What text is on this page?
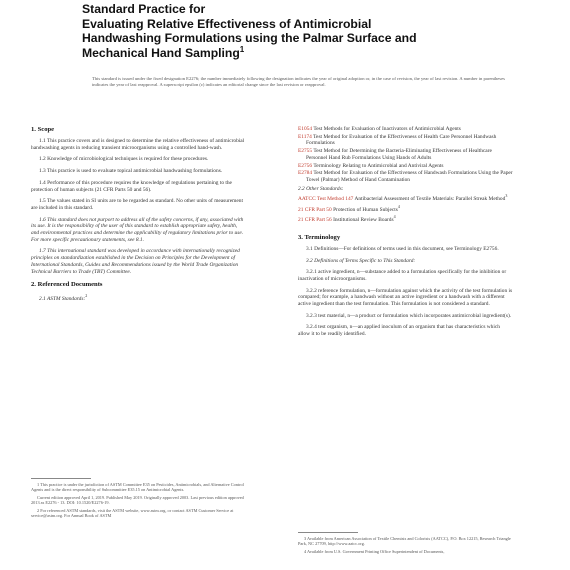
Standard Practice for
Evaluating Relative Effectiveness of Antimicrobial
Handwashing Formulations using the Palmar Surface and
Mechanical Hand Sampling$^1$
This standard is issued under the fixed designation E2276; the number immediately following the designation indicates the year of original adoption or, in the case of revision, the year of last revision. A number in parentheses indicates the year of last reapproval. A superscript epsilon (ε) indicates an editorial change since the last revision or reapproval.
1. Scope

1.1 This practice covers and is designed to determine the relative effectiveness of antimicrobial handwashing agents in reducing transient microorganisms using a controlled hand-wash.

1.2 Knowledge of microbiological techniques is required for these procedures.

1.3 This practice is used to evaluate topical antimicrobial handwashing formulations.

1.4 Performance of this procedure requires the knowledge of regulations pertaining to the protection of human subjects (21 CFR Parts 50 and 56).

1.5 The values stated in SI units are to be regarded as standard. No other units of measurement are included in this standard.

1.6 This standard does not purport to address all of the safety concerns, if any, associated with its use. It is the responsibility of the user of this standard to establish appropriate safety, health, and environmental practices and determine the applicability of regulatory limitations prior to use. For more specific precautionary statements, see 8.1.

1.7 This international standard was developed in accordance with internationally recognized principles on standardization established in the Decision on Principles for the Development of International Standards, Guides and Recommendations issued by the World Trade Organization Technical Barriers to Trade (TBT) Committee.

2. Referenced Documents

2.1 ASTM Standards:$^2$

1 This practice is under the jurisdiction of ASTM Committee E35 on Pesticides, Antimicrobials, and Alternative Control Agents and is the direct responsibility of Subcommittee E35.15 on Antimicrobial Agents.

Current edition approved April 1, 2019. Published May 2019. Originally approved 2003. Last previous edition approved 2013 as E2276 - 13. DOI: 10.1520/E2276-19.

2 For referenced ASTM standards, visit the ASTM website, www.astm.org, or contact ASTM Customer Service at service@astm.org. For Annual Book of ASTM

E1054 Test Methods for Evaluation of Inactivators of Antimicrobial Agents

E1174 Test Method for Evaluation of the Effectiveness of Health Care Personnel Handwash Formulations

E2755 Test Method for Determining the Bacteria-Eliminating Effectiveness of Healthcare Personnel Hand Rub Formulations Using Hands of Adults

E2756 Terminology Relating to Antimicrobial and Antiviral Agents

E2784 Test Method for Evaluation of the Effectiveness of Handwash Formulations Using the Paper Towel (Palmar) Method of Hand Contamination

2.2 Other Standards:

AATCC Test Method 147 Antibacterial Assessment of Textile Materials: Parallel Streak Method$^3$

21 CFR Part 50 Protection of Human Subjects$^4$

21 CFR Part 56 Institutional Review Boards$^4$

3. Terminology

3.1 Definitions—For definitions of terms used in this document, see Terminology E2756.

3.2 Definitions of Terms Specific to This Standard:

3.2.1 active ingredient, n—substance added to a formulation specifically for the inhibition or inactivation of microorganisms.

3.2.2 reference formulation, n—formulation against which the activity of the test formulation is compared; for example, a handwash without an active ingredient or a handwash with a different active ingredient than the test formulation. This formulation is not considered a standard.

3.2.3 test material, n—a product or formulation which incorporates antimicrobial ingredient(s).

3.2.4 test organism, n—an applied inoculum of an organism that has characteristics which allow it to be readily identified.

3 Available from American Association of Textile Chemists and Colorists (AATCC), P.O. Box 12215, Research Triangle Park, NC 27709, http://www.aatcc.org.

4 Available from U.S. Government Printing Office Superintendent of Documents,
